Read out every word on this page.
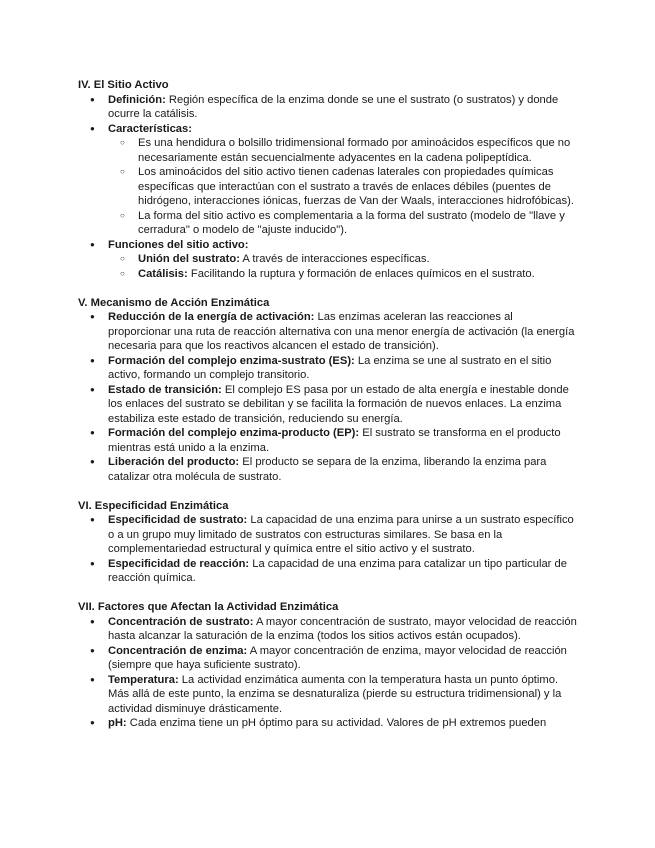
IV. El Sitio Activo
● Definición: Región específica de la enzima donde se une el sustrato (o sustratos) y donde ocurre la catálisis.
● Características:
○ Es una hendidura o bolsillo tridimensional formado por aminoácidos específicos que no necesariamente están secuencialmente adyacentes en la cadena polipeptídica.
○ Los aminoácidos del sitio activo tienen cadenas laterales con propiedades químicas específicas que interactúan con el sustrato a través de enlaces débiles (puentes de hidrógeno, interacciones iónicas, fuerzas de Van der Waals, interacciones hidrofóbicas).
○ La forma del sitio activo es complementaria a la forma del sustrato (modelo de "llave y cerradura" o modelo de "ajuste inducido").
● Funciones del sitio activo:
○ Unión del sustrato: A través de interacciones específicas.
○ Catálisis: Facilitando la ruptura y formación de enlaces químicos en el sustrato.
V. Mecanismo de Acción Enzimática
● Reducción de la energía de activación: Las enzimas aceleran las reacciones al proporcionar una ruta de reacción alternativa con una menor energía de activación (la energía necesaria para que los reactivos alcancen el estado de transición).
● Formación del complejo enzima-sustrato (ES): La enzima se une al sustrato en el sitio activo, formando un complejo transitorio.
● Estado de transición: El complejo ES pasa por un estado de alta energía e inestable donde los enlaces del sustrato se debilitan y se facilita la formación de nuevos enlaces. La enzima estabiliza este estado de transición, reduciendo su energía.
● Formación del complejo enzima-producto (EP): El sustrato se transforma en el producto mientras está unido a la enzima.
● Liberación del producto: El producto se separa de la enzima, liberando la enzima para catalizar otra molécula de sustrato.
VI. Especificidad Enzimática
● Especificidad de sustrato: La capacidad de una enzima para unirse a un sustrato específico o a un grupo muy limitado de sustratos con estructuras similares. Se basa en la complementariedad estructural y química entre el sitio activo y el sustrato.
● Especificidad de reacción: La capacidad de una enzima para catalizar un tipo particular de reacción química.
VII. Factores que Afectan la Actividad Enzimática
● Concentración de sustrato: A mayor concentración de sustrato, mayor velocidad de reacción hasta alcanzar la saturación de la enzima (todos los sitios activos están ocupados).
● Concentración de enzima: A mayor concentración de enzima, mayor velocidad de reacción (siempre que haya suficiente sustrato).
● Temperatura: La actividad enzimática aumenta con la temperatura hasta un punto óptimo. Más allá de este punto, la enzima se desnaturaliza (pierde su estructura tridimensional) y la actividad disminuye drásticamente.
● pH: Cada enzima tiene un pH óptimo para su actividad. Valores de pH extremos pueden
